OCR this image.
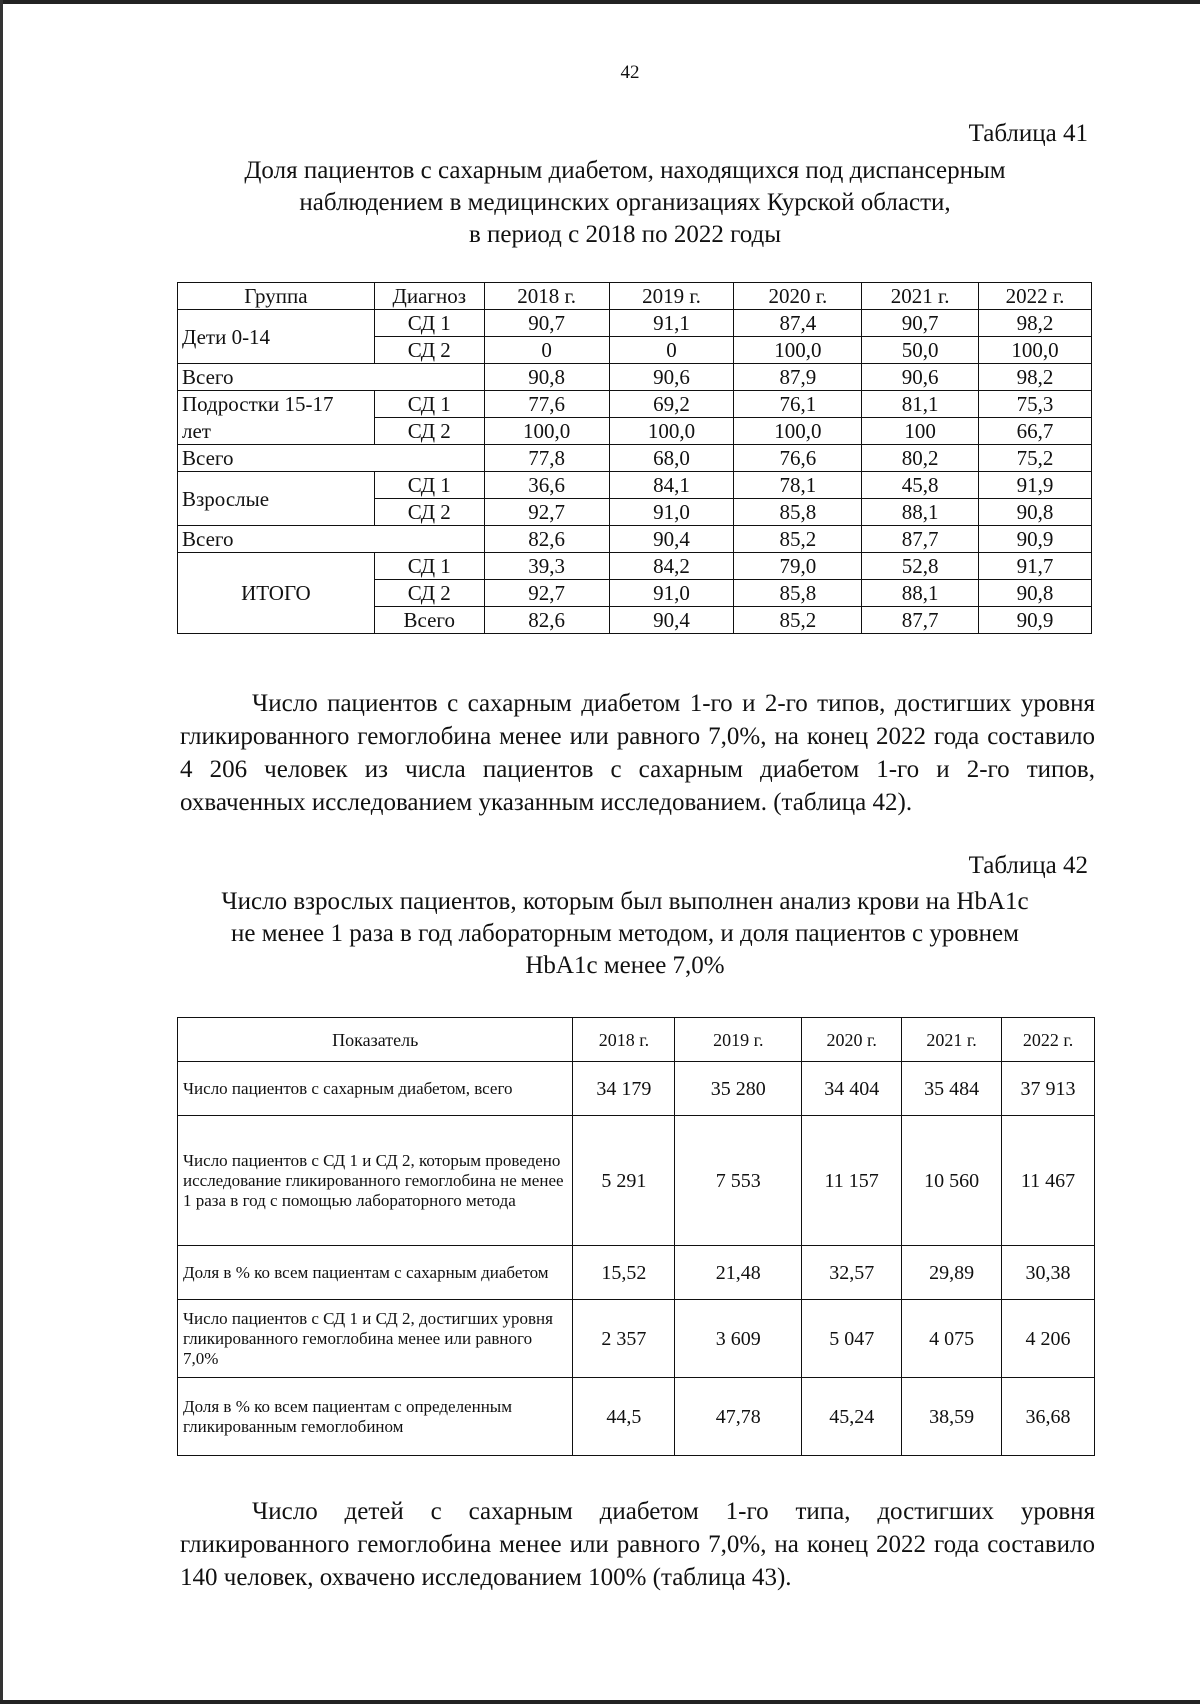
42
Таблица 41
Доля пациентов с сахарным диабетом, находящихся под диспансерным
наблюдением в медицинских организациях Курской области,
в период с 2018 по 2022 годы
Группа	Диагноз	2018 г.	2019 г.	2020 г.	2021 г.	2022 г.
Дети 0-14	СД 1	90,7	91,1	87,4	90,7	98,2
	СД 2	0	0	100,0	50,0	100,0
Всего		90,8	90,6	87,9	90,6	98,2
Подростки 15-17	СД 1	77,6	69,2	76,1	81,1	75,3
лет	СД 2	100,0	100,0	100,0	100	66,7
Всего		77,8	68,0	76,6	80,2	75,2
Взрослые	СД 1	36,6	84,1	78,1	45,8	91,9
	СД 2	92,7	91,0	85,8	88,1	90,8
Всего		82,6	90,4	85,2	87,7	90,9
ИТОГО	СД 1	39,3	84,2	79,0	52,8	91,7
	СД 2	92,7	91,0	85,8	88,1	90,8
	Всего	82,6	90,4	85,2	87,7	90,9
Число пациентов с сахарным диабетом 1-го и 2-го типов, достигших уровня гликированного гемоглобина менее или равного 7,0%, на конец 2022 года составило 4 206 человек из числа пациентов с сахарным диабетом 1-го и 2-го типов, охваченных исследованием указанным исследованием. (таблица 42).
Таблица 42
Число взрослых пациентов, которым был выполнен анализ крови на HbA1c
не менее 1 раза в год лабораторным методом, и доля пациентов с уровнем
HbA1c менее 7,0%
Показатель	2018 г.	2019 г.	2020 г.	2021 г.	2022 г.
Число пациентов с сахарным диабетом, всего	34 179	35 280	34 404	35 484	37 913
Число пациентов с СД 1 и СД 2, которым проведено исследование гликированного гемоглобина не менее 1 раза в год с помощью лабораторного метода	5 291	7 553	11 157	10 560	11 467
Доля в % ко всем пациентам с сахарным диабетом	15,52	21,48	32,57	29,89	30,38
Число пациентов с СД 1 и СД 2, достигших уровня гликированного гемоглобина менее или равного 7,0%	2 357	3 609	5 047	4 075	4 206
Доля в % ко всем пациентам с определенным гликированным гемоглобином	44,5	47,78	45,24	38,59	36,68
Число детей с сахарным диабетом 1-го типа, достигших уровня гликированного гемоглобина менее или равного 7,0%, на конец 2022 года составило 140 человек, охвачено исследованием 100% (таблица 43).
